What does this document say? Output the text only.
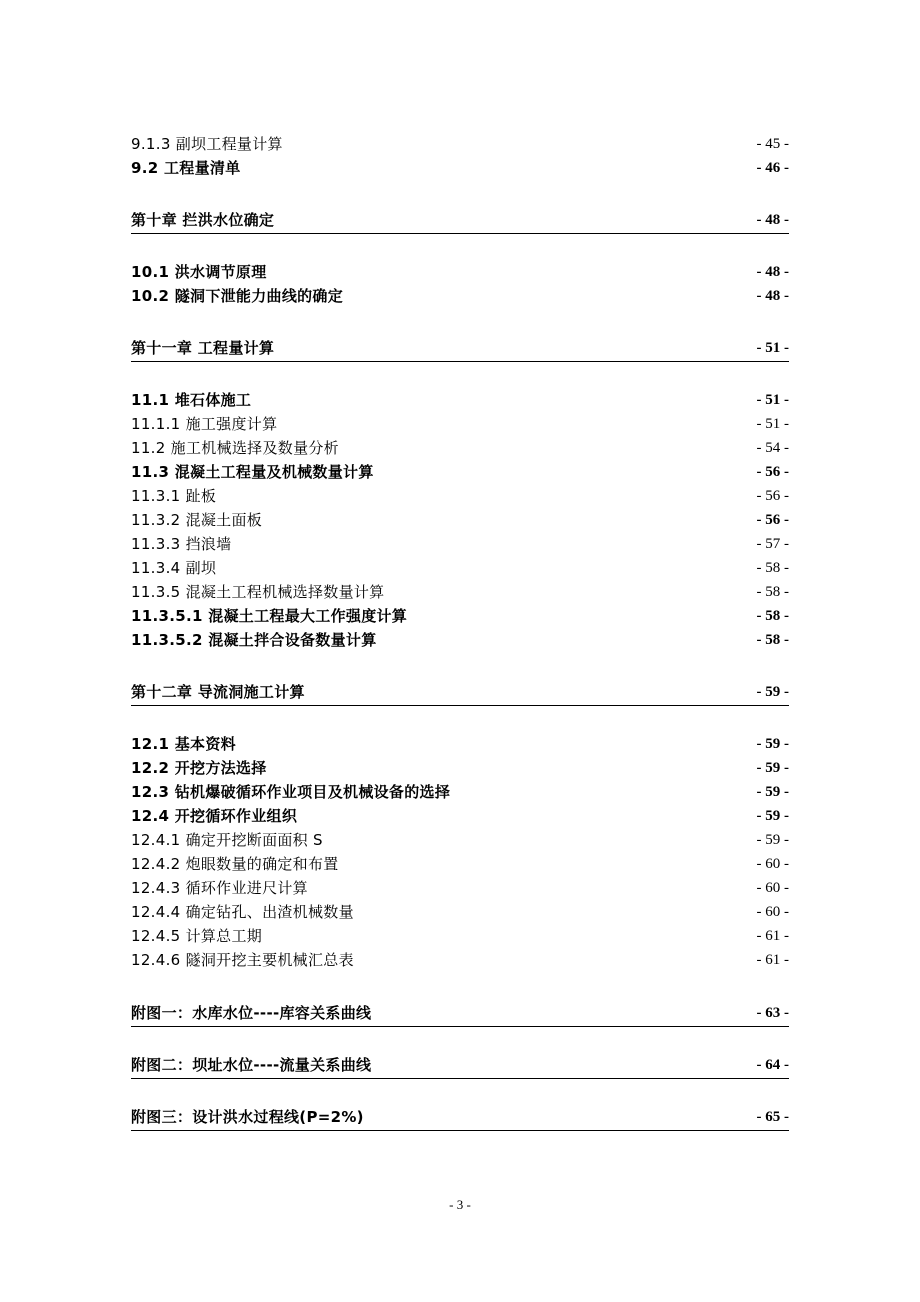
9.1.3 副坝工程量计算	- 45 -
9.2 工程量清单	- 46 -
第十章 拦洪水位确定	- 48 -
10.1 洪水调节原理	- 48 -
10.2 隧洞下泄能力曲线的确定	- 48 -
第十一章 工程量计算	- 51 -
11.1 堆石体施工	- 51 -
11.1.1 施工强度计算	- 51 -
11.2 施工机械选择及数量分析	- 54 -
11.3 混凝土工程量及机械数量计算	- 56 -
11.3.1 趾板	- 56 -
11.3.2 混凝土面板	- 56 -
11.3.3 挡浪墙	- 57 -
11.3.4 副坝	- 58 -
11.3.5 混凝土工程机械选择数量计算	- 58 -
11.3.5.1 混凝土工程最大工作强度计算	- 58 -
11.3.5.2 混凝土拌合设备数量计算	- 58 -
第十二章 导流洞施工计算	- 59 -
12.1 基本资料	- 59 -
12.2 开挖方法选择	- 59 -
12.3 钻机爆破循环作业项目及机械设备的选择	- 59 -
12.4 开挖循环作业组织	- 59 -
12.4.1 确定开挖断面面积 S	- 59 -
12.4.2 炮眼数量的确定和布置	- 60 -
12.4.3 循环作业进尺计算	- 60 -
12.4.4 确定钻孔、出渣机械数量	- 60 -
12.4.5 计算总工期	- 61 -
12.4.6 隧洞开挖主要机械汇总表	- 61 -
附图一：水库水位----库容关系曲线	- 63 -
附图二：坝址水位----流量关系曲线	- 64 -
附图三：设计洪水过程线(P=2%)	- 65 -
- 3 -
